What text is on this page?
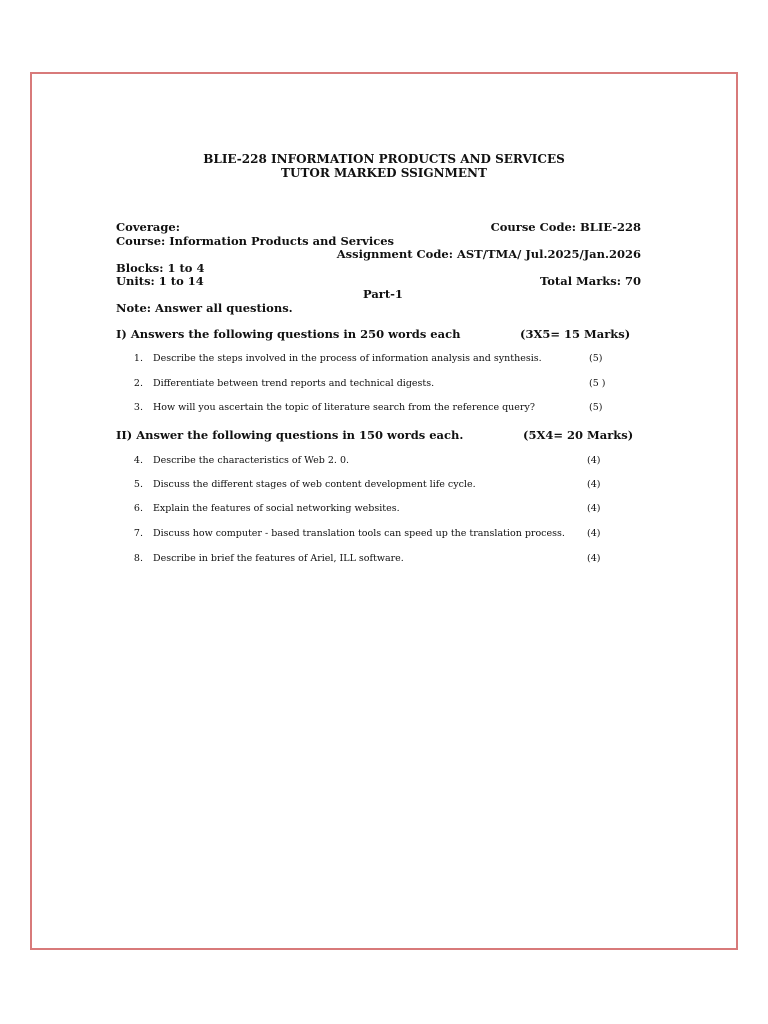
BLIE-228 INFORMATION PRODUCTS AND SERVICES
TUTOR MARKED SSIGNMENT
Coverage:	Course Code: BLIE-228
Course: Information Products and Services
Assignment Code: AST/TMA/ Jul.2025/Jan.2026
Blocks: 1 to 4
Units: 1 to 14	Total Marks: 70
Part-1
Note: Answer all questions.
I) Answers the following questions in 250 words each	(3X5= 15 Marks)
1. Describe the steps involved in the process of information analysis and synthesis.	(5)
2. Differentiate between trend reports and technical digests.	(5 )
3. How will you ascertain the topic of literature search from the reference query?	(5)
II) Answer the following questions in 150 words each.	(5X4= 20 Marks)
4. Describe the characteristics of Web 2. 0.	(4)
5. Discuss the different stages of web content development life cycle.	(4)
6. Explain the features of social networking websites.	(4)
7. Discuss how computer - based translation tools can speed up the translation process. (4)
8. Describe in brief the features of Ariel, ILL software.	(4)
